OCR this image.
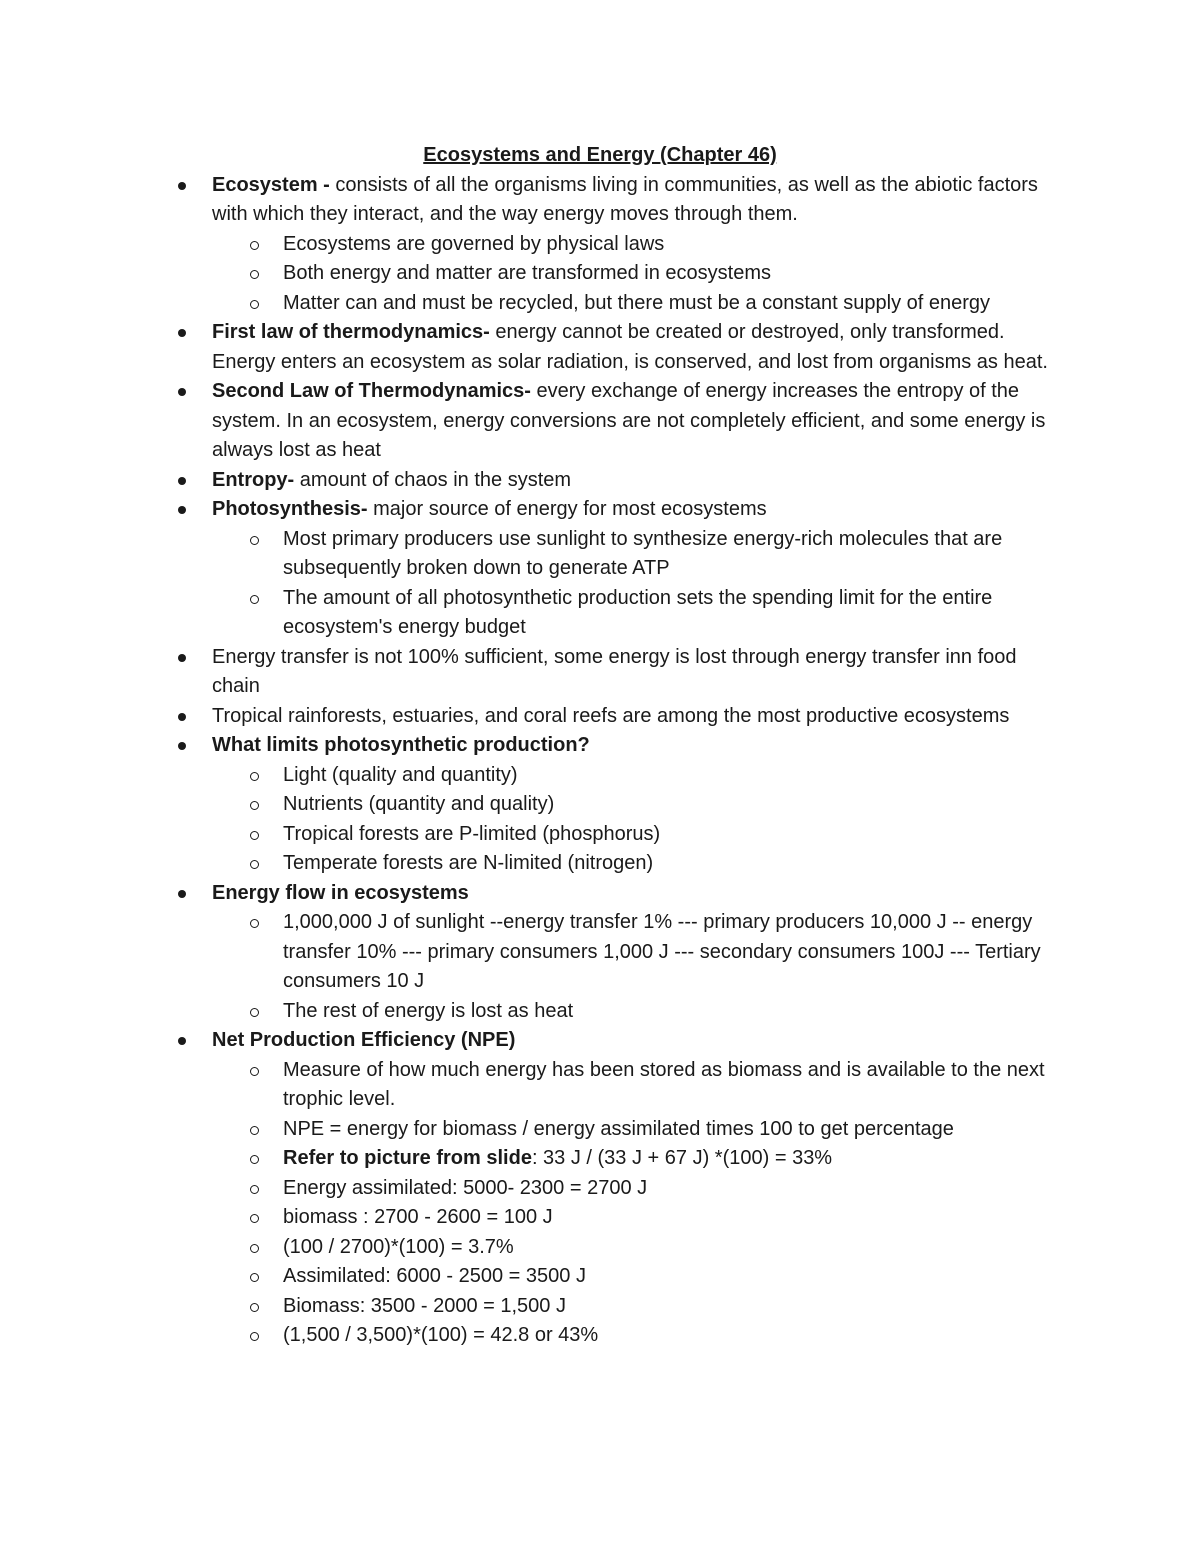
Ecosystems and Energy (Chapter 46)
Ecosystem - consists of all the organisms living in communities, as well as the abiotic factors with which they interact, and the way energy moves through them.
Ecosystems are governed by physical laws
Both energy and matter are transformed in ecosystems
Matter can and must be recycled, but there must be a constant supply of energy
First law of thermodynamics- energy cannot be created or destroyed, only transformed. Energy enters an ecosystem as solar radiation, is conserved, and lost from organisms as heat.
Second Law of Thermodynamics- every exchange of energy increases the entropy of the system. In an ecosystem, energy conversions are not completely efficient, and some energy is always lost as heat
Entropy- amount of chaos in the system
Photosynthesis- major source of energy for most ecosystems
Most primary producers use sunlight to synthesize energy-rich molecules that are subsequently broken down to generate ATP
The amount of all photosynthetic production sets the spending limit for the entire ecosystem's energy budget
Energy transfer is not 100% sufficient, some energy is lost through energy transfer inn food chain
Tropical rainforests, estuaries, and coral reefs are among the most productive ecosystems
What limits photosynthetic production?
Light (quality and quantity)
Nutrients (quantity and quality)
Tropical forests are P-limited (phosphorus)
Temperate forests are N-limited (nitrogen)
Energy flow in ecosystems
1,000,000 J of sunlight --energy transfer 1% --- primary producers 10,000 J -- energy transfer 10% --- primary consumers 1,000 J --- secondary consumers 100J --- Tertiary consumers 10 J
The rest of energy is lost as heat
Net Production Efficiency (NPE)
Measure of how much energy has been stored as biomass and is available to the next trophic level.
NPE = energy for biomass / energy assimilated times 100 to get percentage
Refer to picture from slide: 33 J / (33 J + 67 J) *(100) = 33%
Energy assimilated: 5000- 2300 = 2700 J
biomass : 2700 - 2600 = 100 J
(100 / 2700)*(100) = 3.7%
Assimilated: 6000 - 2500 = 3500 J
Biomass: 3500 - 2000 = 1,500 J
(1,500 / 3,500)*(100) = 42.8 or 43%
